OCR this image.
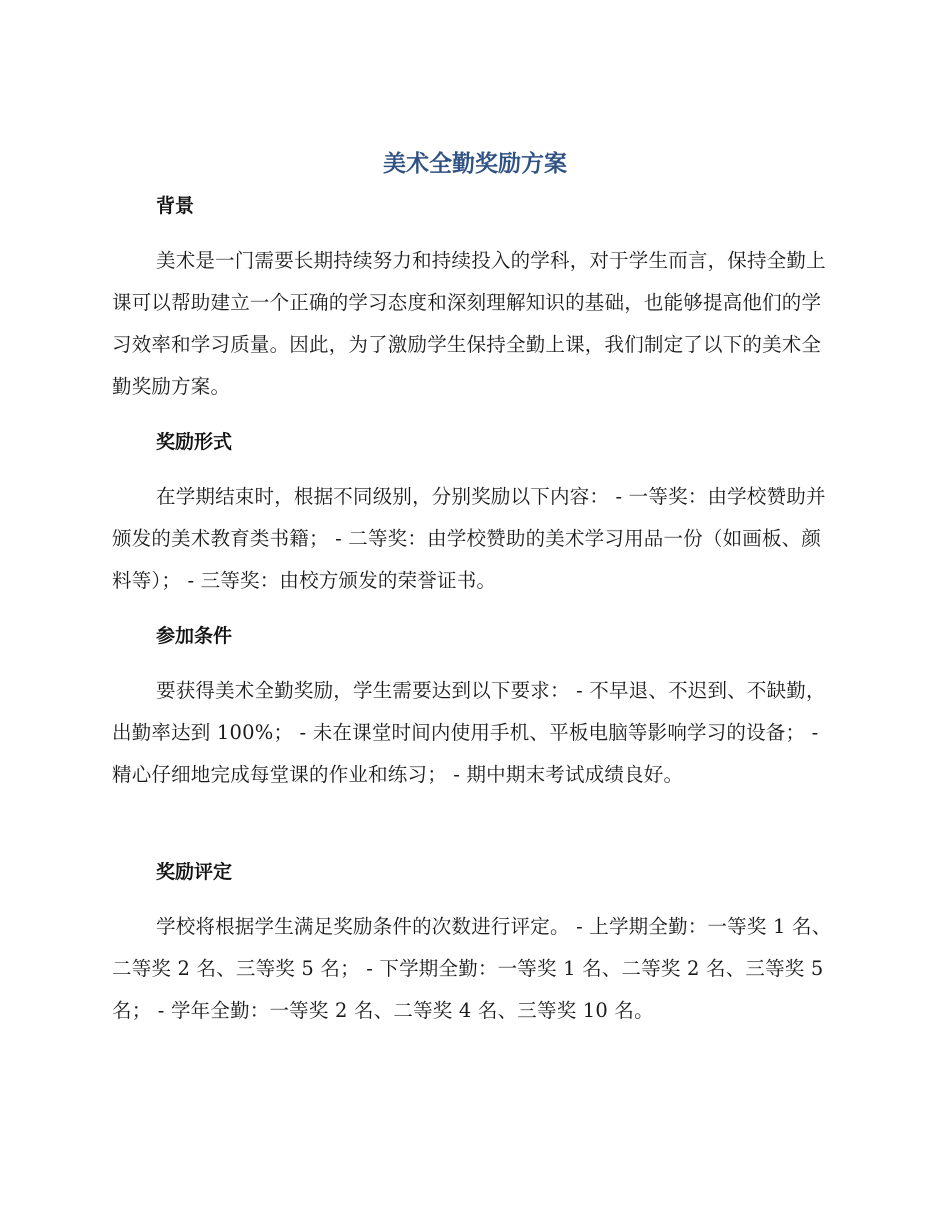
美术全勤奖励方案
背景

美术是一门需要长期持续努力和持续投入的学科，对于学生而言，保持全勤上课可以帮助建立一个正确的学习态度和深刻理解知识的基础，也能够提高他们的学习效率和学习质量。因此，为了激励学生保持全勤上课，我们制定了以下的美术全勤奖励方案。

奖励形式

在学期结束时，根据不同级别，分别奖励以下内容： - 一等奖：由学校赞助并颁发的美术教育类书籍； - 二等奖：由学校赞助的美术学习用品一份（如画板、颜料等）； - 三等奖：由校方颁发的荣誉证书。

参加条件

要获得美术全勤奖励，学生需要达到以下要求： - 不早退、不迟到、不缺勤，出勤率达到 100%； - 未在课堂时间内使用手机、平板电脑等影响学习的设备； - 精心仔细地完成每堂课的作业和练习； - 期中期末考试成绩良好。

奖励评定

学校将根据学生满足奖励条件的次数进行评定。 - 上学期全勤：一等奖 1 名、二等奖 2 名、三等奖 5 名； - 下学期全勤：一等奖 1 名、二等奖 2 名、三等奖 5 名； - 学年全勤：一等奖 2 名、二等奖 4 名、三等奖 10 名。
